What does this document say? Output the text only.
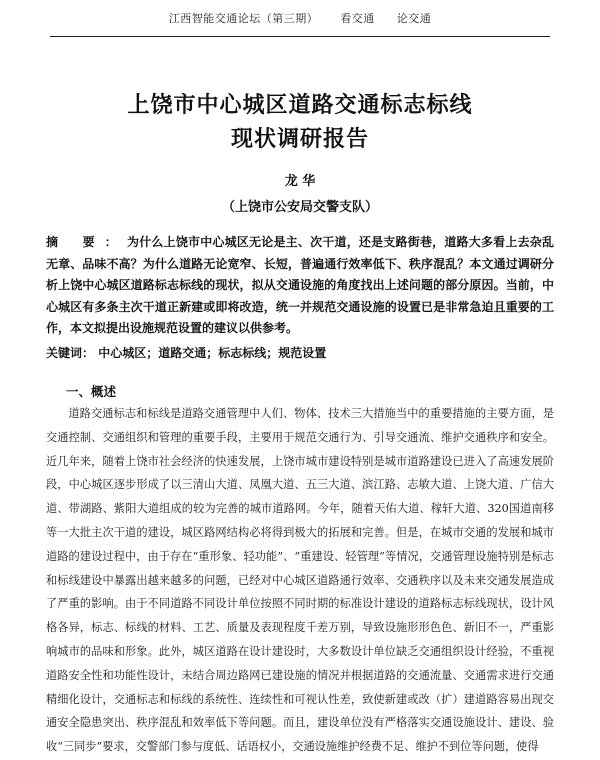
江西智能交通论坛（第三期） 看交通 论交通
上饶市中心城区道路交通标志标线
现状调研报告
龙 华
（上饶市公安局交警支队）

摘 要：为什么上饶市中心城区无论是主、次干道，还是支路街巷，道路大多看上去杂乱无章、品味不高？为什么道路无论宽窄、长短，普遍通行效率低下、秩序混乱？本文通过调研分析上饶中心城区道路标志标线的现状，拟从交通设施的角度找出上述问题的部分原因。当前，中心城区有多条主次干道正新建或即将改造，统一并规范交通设施的设置已是非常急迫且重要的工作，本文拟提出设施规范设置的建议以供参考。

关键词： 中心城区；道路交通；标志标线；规范设置
一、概述

道路交通标志和标线是道路交通管理中人们、物体、技术三大措施当中的重要措施的主要方面，是交通控制、交通组织和管理的重要手段，主要用于规范交通行为、引导交通流、维护交通秩序和安全。近几年来，随着上饶市社会经济的快速发展，上饶市城市建设特别是城市道路建设已进入了高速发展阶段，中心城区逐步形成了以三清山大道、凤凰大道、五三大道、滨江路、志敏大道、上饶大道、广信大道、带湖路、紫阳大道组成的较为完善的城市道路网。今年，随着天佑大道、稼轩大道、320国道南移等一大批主次干道的建设，城区路网结构必将得到极大的拓展和完善。但是，在城市交通的发展和城市道路的建设过程中，由于存在“重形象、轻功能”、“重建设、轻管理”等情况，交通管理设施特别是标志和标线建设中暴露出越来越多的问题，已经对中心城区道路通行效率、交通秩序以及未来交通发展造成了严重的影响。由于不同道路不同设计单位按照不同时期的标准设计建设的道路标志标线现状，设计风格各异，标志、标线的材料、工艺、质量及表现程度千差万别，导致设施形形色色、新旧不一，严重影响城市的品味和形象。此外，城区道路在设计建设时，大多数设计单位缺乏交通组织设计经验，不重视道路安全性和功能性设计，未结合周边路网已建设施的情况并根据道路的交通流量、交通需求进行交通精细化设计，交通标志和标线的系统性、连续性和可视认性差，致使新建或改（扩）建道路容易出现交通安全隐患突出、秩序混乱和效率低下等问题。而且，建设单位没有严格落实交通设施设计、建设、验收“三同步”要求，交警部门参与度低、话语权小，交通设施维护经费不足、维护不到位等问题，使得
